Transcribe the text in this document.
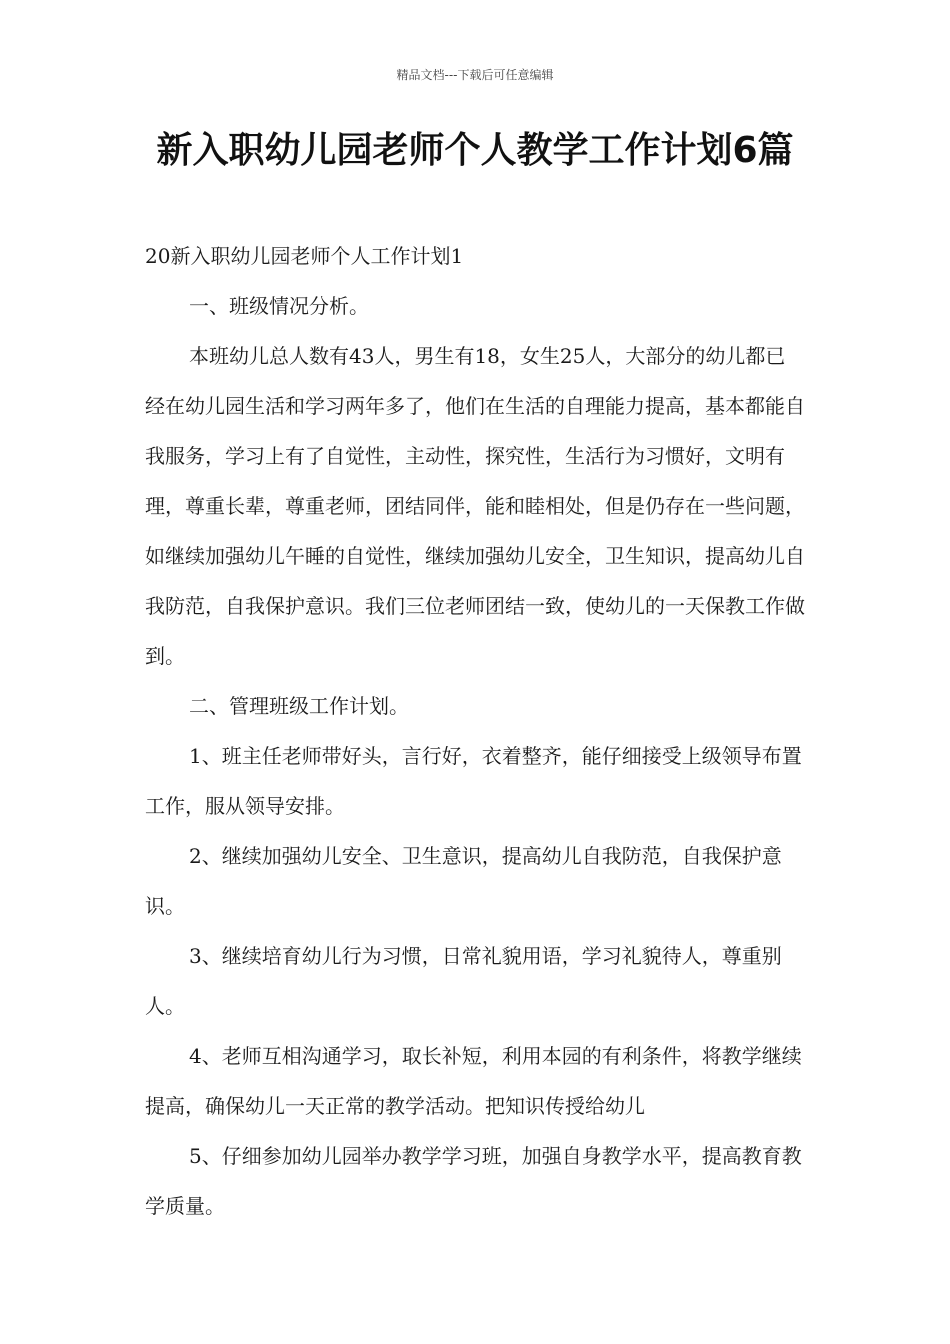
精品文档---下载后可任意编辑
新入职幼儿园老师个人教学工作计划6篇

20新入职幼儿园老师个人工作计划1

一、班级情况分析。

本班幼儿总人数有43人，男生有18，女生25人，大部分的幼儿都已经在幼儿园生活和学习两年多了，他们在生活的自理能力提高，基本都能自我服务，学习上有了自觉性，主动性，探究性，生活行为习惯好，文明有理，尊重长辈，尊重老师，团结同伴，能和睦相处，但是仍存在一些问题，如继续加强幼儿午睡的自觉性，继续加强幼儿安全，卫生知识，提高幼儿自我防范，自我保护意识。我们三位老师团结一致，使幼儿的一天保教工作做到。

二、管理班级工作计划。

1、班主任老师带好头，言行好，衣着整齐，能仔细接受上级领导布置工作，服从领导安排。

2、继续加强幼儿安全、卫生意识，提高幼儿自我防范，自我保护意识。

3、继续培育幼儿行为习惯，日常礼貌用语，学习礼貌待人，尊重别人。

4、老师互相沟通学习，取长补短，利用本园的有利条件，将教学继续提高，确保幼儿一天正常的教学活动。把知识传授给幼儿

5、仔细参加幼儿园举办教学学习班，加强自身教学水平，提高教育教学质量。
